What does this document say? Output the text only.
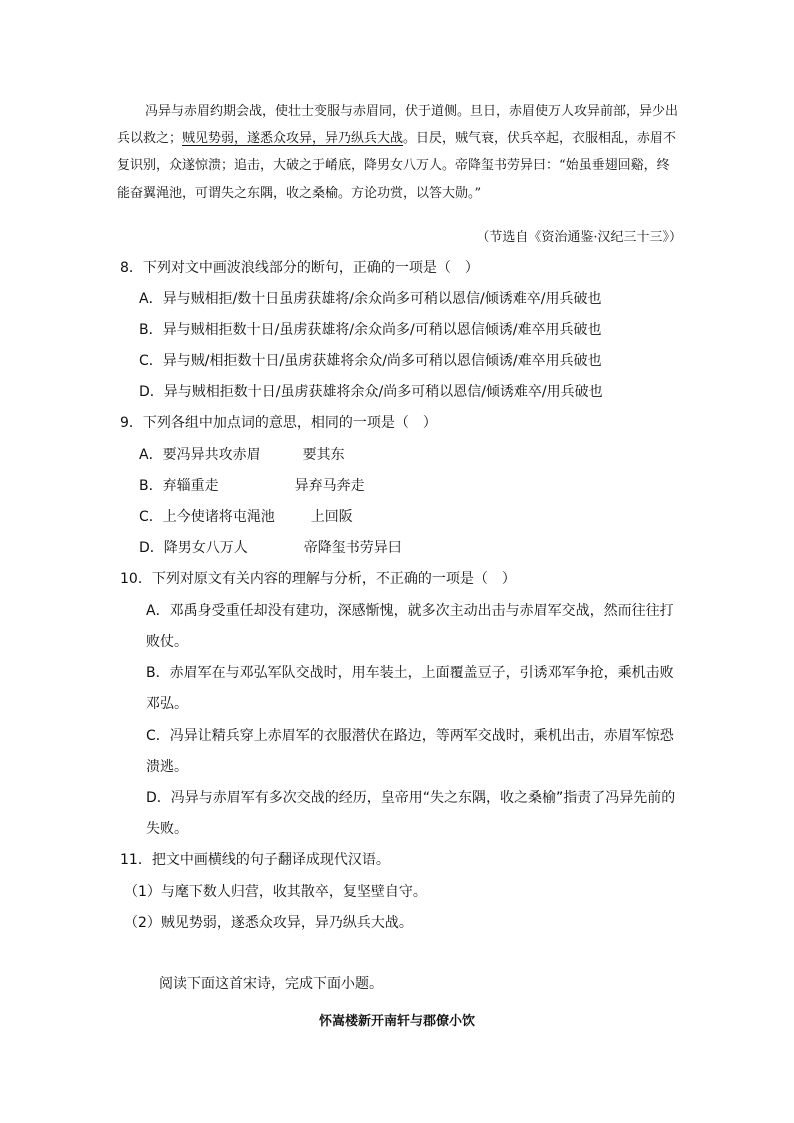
冯异与赤眉约期会战，使壮士变服与赤眉同，伏于道侧。旦日，赤眉使万人攻异前部，异少出兵以救之；贼见势弱，遂悉众攻异，异乃纵兵大战。日昃，贼气衰，伏兵卒起，衣服相乱，赤眉不复识别，众遂惊溃；追击，大破之于崤底，降男女八万人。帝降玺书劳异曰：“始虽垂翅回谿，终能奋翼渑池，可谓失之东隅，收之桑榆。方论功赏，以答大勋。”

（节选自《资治通鉴·汉纪三十三》）
8．下列对文中画波浪线部分的断句，正确的一项是（　）
A．异与贼相拒/数十日虽虏获雄将/余众尚多可稍以恩信/倾诱难卒/用兵破也
B．异与贼相拒数十日/虽虏获雄将/余众尚多/可稍以恩信倾诱/难卒用兵破也
C．异与贼/相拒数十日/虽虏获雄将余众/尚多可稍以恩信倾诱/难卒用兵破也
D．异与贼相拒数十日/虽虏获雄将余众/尚多可稍以恩信/倾诱难卒/用兵破也
9．下列各组中加点词的意思，相同的一项是（　）
A．要冯异共攻赤眉	要其东
B．弃辎重走	异弃马奔走
C．上今使诸将屯渑池	上回阪
D．降男女八万人	帝降玺书劳异曰
10．下列对原文有关内容的理解与分析，不正确的一项是（　）
A．邓禹身受重任却没有建功，深感惭愧，就多次主动出击与赤眉军交战，然而往往打
败仗。
B．赤眉军在与邓弘军队交战时，用车装土，上面覆盖豆子，引诱邓军争抢，乘机击败
邓弘。
C．冯异让精兵穿上赤眉军的衣服潜伏在路边，等两军交战时，乘机出击，赤眉军惊恐
溃逃。
D．冯异与赤眉军有多次交战的经历，皇帝用“失之东隅，收之桑榆”指责了冯异先前的
失败。
11．把文中画横线的句子翻译成现代汉语。
（1）与麾下数人归营，收其散卒，复坚壁自守。
（2）贼见势弱，遂悉众攻异，异乃纵兵大战。
阅读下面这首宋诗，完成下面小题。
怀嵩楼新开南轩与郡僚小饮
